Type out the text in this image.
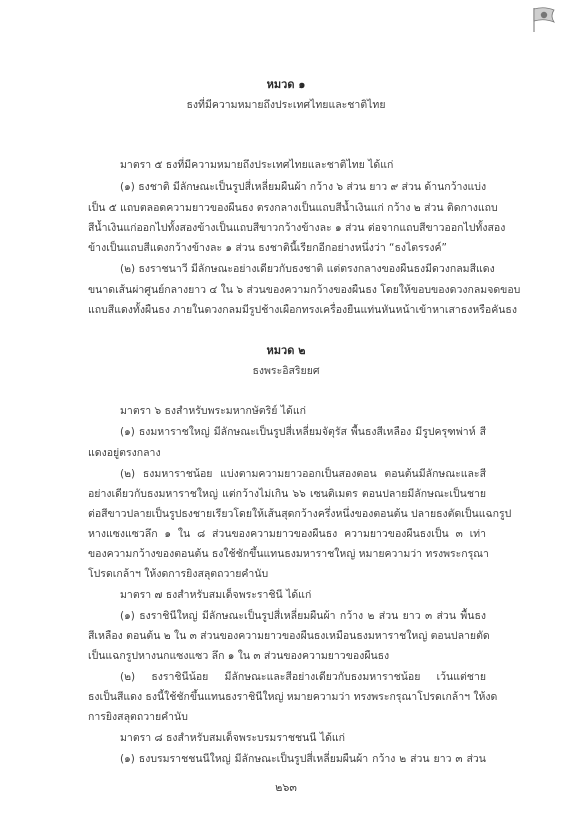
หมวด ๑
ธงที่มีความหมายถึงประเทศไทยและชาติไทย
มาตรา ๕ ธงที่มีความหมายถึงประเทศไทยและชาติไทย ได้แก่
(๑) ธงชาติ มีลักษณะเป็นรูปสี่เหลี่ยมผืนผ้า กว้าง ๖ ส่วน ยาว ๙ ส่วน ด้านกว้างแบ่ง
เป็น ๕ แถบตลอดความยาวของผืนธง ตรงกลางเป็นแถบสีน้ำเงินแก่ กว้าง ๒ ส่วน ติดกางแถบ
สีน้ำเงินแก่ออกไปทั้งสองข้างเป็นแถบสีขาวกว้างข้างละ ๑ ส่วน ต่อจากแถบสีขาวออกไปทั้งสอง
ข้างเป็นแถบสีแดงกว้างข้างละ ๑ ส่วน ธงชาตินี้เรียกอีกอย่างหนึ่งว่า “ธงไตรรงค์”
(๒) ธงราชนาวี มีลักษณะอย่างเดียวกับธงชาติ แต่ตรงกลางของผืนธงมีดวงกลมสีแดง
ขนาดเส้นผ่าศูนย์กลางยาว ๔ ใน ๖ ส่วนของความกว้างของผืนธง โดยให้ขอบของดวงกลมจดขอบ
แถบสีแดงทั้งผืนธง ภายในดวงกลมมีรูปช้างเผือกทรงเครื่องยืนแท่นหันหน้าเข้าหาเสาธงหรือคันธง
หมวด ๒
ธงพระอิสริยยศ
มาตรา ๖ ธงสำหรับพระมหากษัตริย์ ได้แก่
(๑) ธงมหาราชใหญ่ มีลักษณะเป็นรูปสี่เหลี่ยมจัตุรัส พื้นธงสีเหลือง มีรูปครุฑพ่าห์ สี
แดงอยู่ตรงกลาง
(๒) ธงมหาราชน้อย แบ่งตามความยาวออกเป็นสองตอน ตอนต้นมีลักษณะและสี
อย่างเดียวกับธงมหาราชใหญ่ แต่กว้างไม่เกิน ๖๖ เซนติเมตร ตอนปลายมีลักษณะเป็นชาย
ต่อสีขาวปลายเป็นรูปธงชายเรียวโดยให้เส้นสุดกว้างครึ่งหนึ่งของตอนต้น ปลายธงตัดเป็นแฉกรูป
หางแซงแซวลึก ๑ ใน ๘ ส่วนของความยาวของผืนธง ความยาวของผืนธงเป็น ๓ เท่า
ของความกว้างของตอนต้น ธงใช้ชักขึ้นแทนธงมหาราชใหญ่ หมายความว่า ทรงพระกรุณา
โปรดเกล้าฯ ให้งดการยิงสลุตถวายคำนับ
มาตรา ๗ ธงสำหรับสมเด็จพระราชินี ได้แก่
(๑) ธงราชินีใหญ่ มีลักษณะเป็นรูปสี่เหลี่ยมผืนผ้า กว้าง ๒ ส่วน ยาว ๓ ส่วน พื้นธง
สีเหลือง ตอนต้น ๒ ใน ๓ ส่วนของความยาวของผืนธงเหมือนธงมหาราชใหญ่ ตอนปลายตัด
เป็นแฉกรูปหางนกแซงแซว ลึก ๑ ใน ๓ ส่วนของความยาวของผืนธง
(๒) ธงราชินีน้อย มีลักษณะและสีอย่างเดียวกับธงมหาราชน้อย เว้นแต่ชาย
ธงเป็นสีแดง ธงนี้ใช้ชักขึ้นแทนธงราชินีใหญ่ หมายความว่า ทรงพระกรุณาโปรดเกล้าฯ ให้งด
การยิงสลุตถวายคำนับ
มาตรา ๘ ธงสำหรับสมเด็จพระบรมราชชนนี ได้แก่
(๑) ธงบรมราชชนนีใหญ่ มีลักษณะเป็นรูปสี่เหลี่ยมผืนผ้า กว้าง ๒ ส่วน ยาว ๓ ส่วน
๒๖๓
